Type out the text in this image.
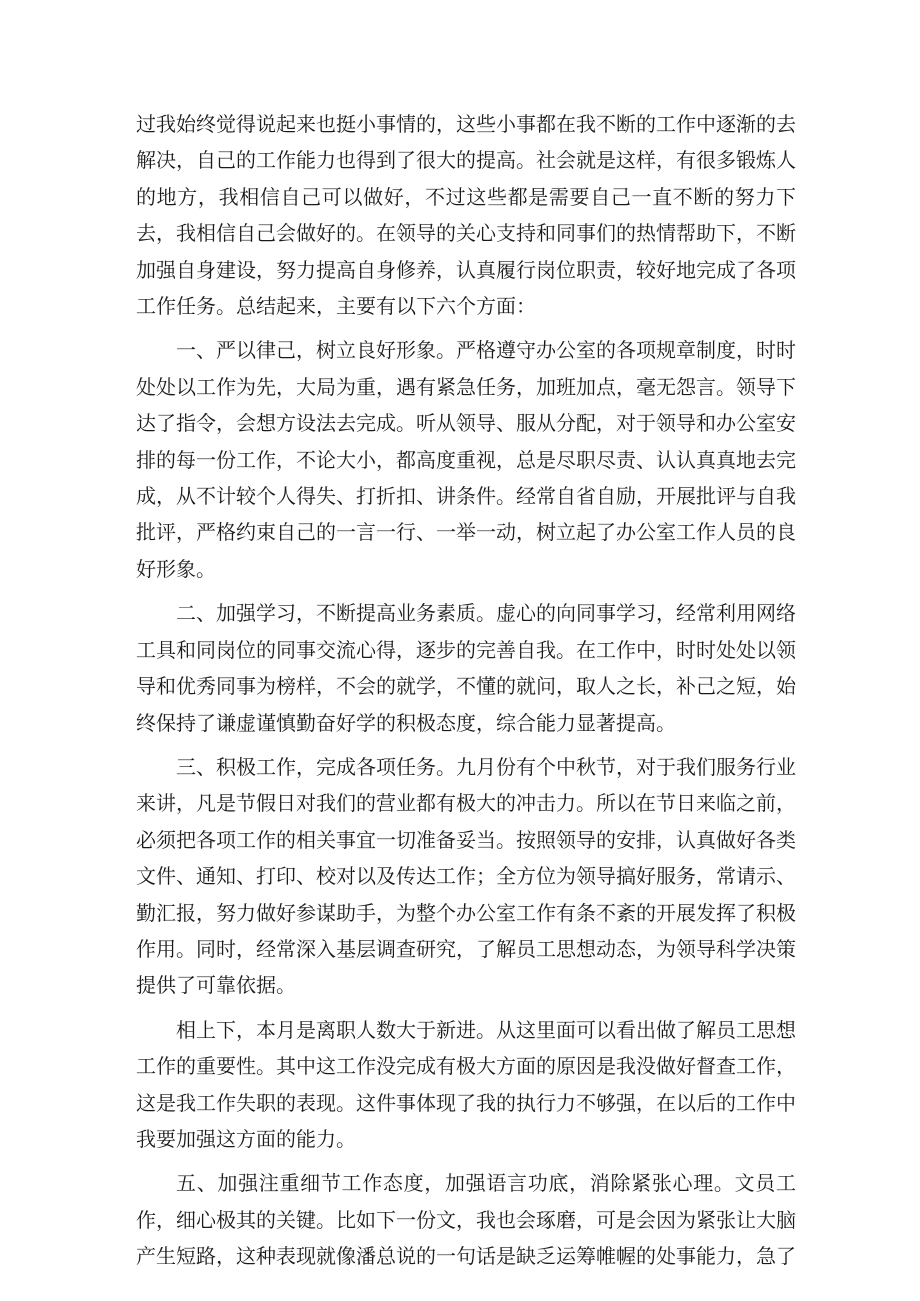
过我始终觉得说起来也挺小事情的，这些小事都在我不断的工作中逐渐的去解决，自己的工作能力也得到了很大的提高。社会就是这样，有很多锻炼人的地方，我相信自己可以做好，不过这些都是需要自己一直不断的努力下去，我相信自己会做好的。在领导的关心支持和同事们的热情帮助下，不断加强自身建设，努力提高自身修养，认真履行岗位职责，较好地完成了各项工作任务。总结起来，主要有以下六个方面：

一、严以律己，树立良好形象。严格遵守办公室的各项规章制度，时时处处以工作为先，大局为重，遇有紧急任务，加班加点，毫无怨言。领导下达了指令，会想方设法去完成。听从领导、服从分配，对于领导和办公室安排的每一份工作，不论大小，都高度重视，总是尽职尽责、认认真真地去完成，从不计较个人得失、打折扣、讲条件。经常自省自励，开展批评与自我批评，严格约束自己的一言一行、一举一动，树立起了办公室工作人员的良好形象。

二、加强学习，不断提高业务素质。虚心的向同事学习，经常利用网络工具和同岗位的同事交流心得，逐步的完善自我。在工作中，时时处处以领导和优秀同事为榜样，不会的就学，不懂的就问，取人之长，补己之短，始终保持了谦虚谨慎勤奋好学的积极态度，综合能力显著提高。

三、积极工作，完成各项任务。九月份有个中秋节，对于我们服务行业来讲，凡是节假日对我们的营业都有极大的冲击力。所以在节日来临之前，必须把各项工作的相关事宜一切准备妥当。按照领导的安排，认真做好各类文件、通知、打印、校对以及传达工作；全方位为领导搞好服务，常请示、勤汇报，努力做好参谋助手，为整个办公室工作有条不紊的开展发挥了积极作用。同时，经常深入基层调查研究，了解员工思想动态，为领导科学决策提供了可靠依据。

相上下，本月是离职人数大于新进。从这里面可以看出做了解员工思想工作的重要性。其中这工作没完成有极大方面的原因是我没做好督查工作，这是我工作失职的表现。这件事体现了我的执行力不够强，在以后的工作中我要加强这方面的能力。

五、加强注重细节工作态度，加强语言功底，消除紧张心理。文员工作，细心极其的关键。比如下一份文，我也会琢磨，可是会因为紧张让大脑产生短路，这种表现就像潘总说的一句话是缺乏运筹帷幄的处事能力，急了
